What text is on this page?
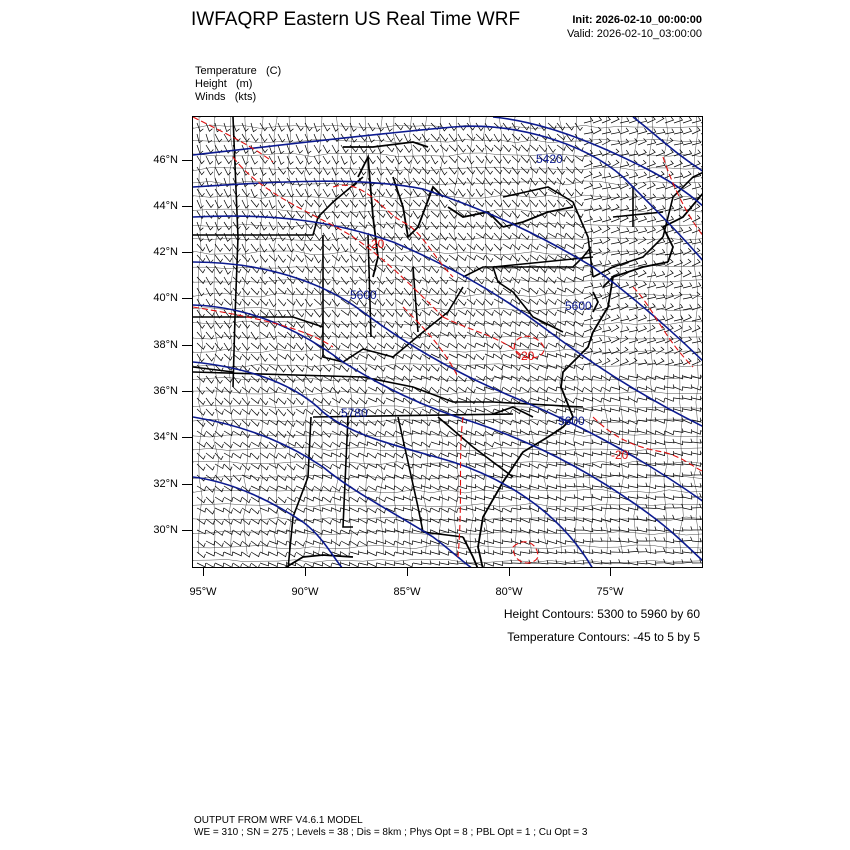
IWFAQRP Eastern US Real Time WRF	Init: 2026-02-10_00:00:00
Valid: 2026-02-10_03:00:00
Temperature (C)
Height (m)
Winds (kts)
5420
5600
5600
5780
5600
-20
-20
-20
46°N
44°N
42°N
40°N
38°N
36°N
34°N
32°N
30°N
95°W	90°W	85°W	80°W	75°W
Height Contours: 5300 to 5960 by 60
Temperature Contours: -45 to 5 by 5
OUTPUT FROM WRF V4.6.1 MODEL
WE = 310 ; SN = 275 ; Levels = 38 ; Dis = 8km ; Phys Opt = 8 ; PBL Opt = 1 ; Cu Opt = 3
